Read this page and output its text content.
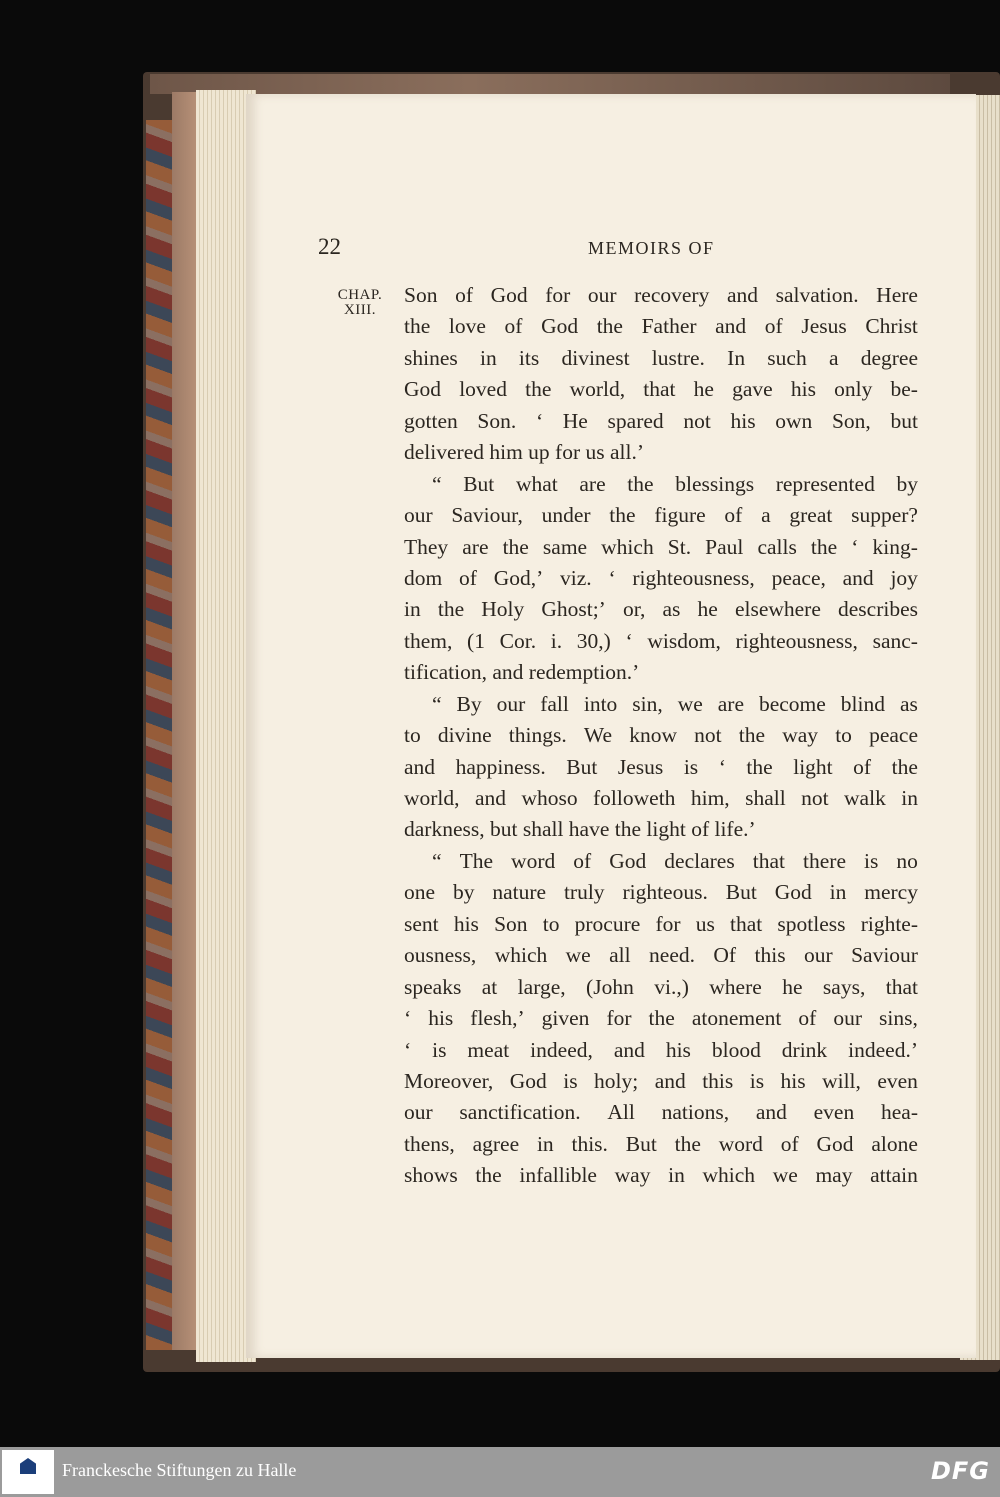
22	MEMOIRS OF
CHAP.
XIII.
Son of God for our recovery and salvation. Here
the love of God the Father and of Jesus Christ
shines in its divinest lustre. In such a degree
God loved the world, that he gave his only be-
gotten Son. ‘ He spared not his own Son, but
delivered him up for us all.’
“ But what are the blessings represented by
our Saviour, under the figure of a great supper?
They are the same which St. Paul calls the ‘ king-
dom of God,’ viz. ‘ righteousness, peace, and joy
in the Holy Ghost;’ or, as he elsewhere describes
them, (1 Cor. i. 30,) ‘ wisdom, righteousness, sanc-
tification, and redemption.’
“ By our fall into sin, we are become blind as
to divine things. We know not the way to peace
and happiness. But Jesus is ‘ the light of the
world, and whoso followeth him, shall not walk in
darkness, but shall have the light of life.’
“ The word of God declares that there is no
one by nature truly righteous. But God in mercy
sent his Son to procure for us that spotless righte-
ousness, which we all need. Of this our Saviour
speaks at large, (John vi.,) where he says, that
‘ his flesh,’ given for the atonement of our sins,
‘ is meat indeed, and his blood drink indeed.’
Moreover, God is holy; and this is his will, even
our sanctification. All nations, and even hea-
thens, agree in this. But the word of God alone
shows the infallible way in which we may attain
Franckesche Stiftungen zu Halle	DFG
